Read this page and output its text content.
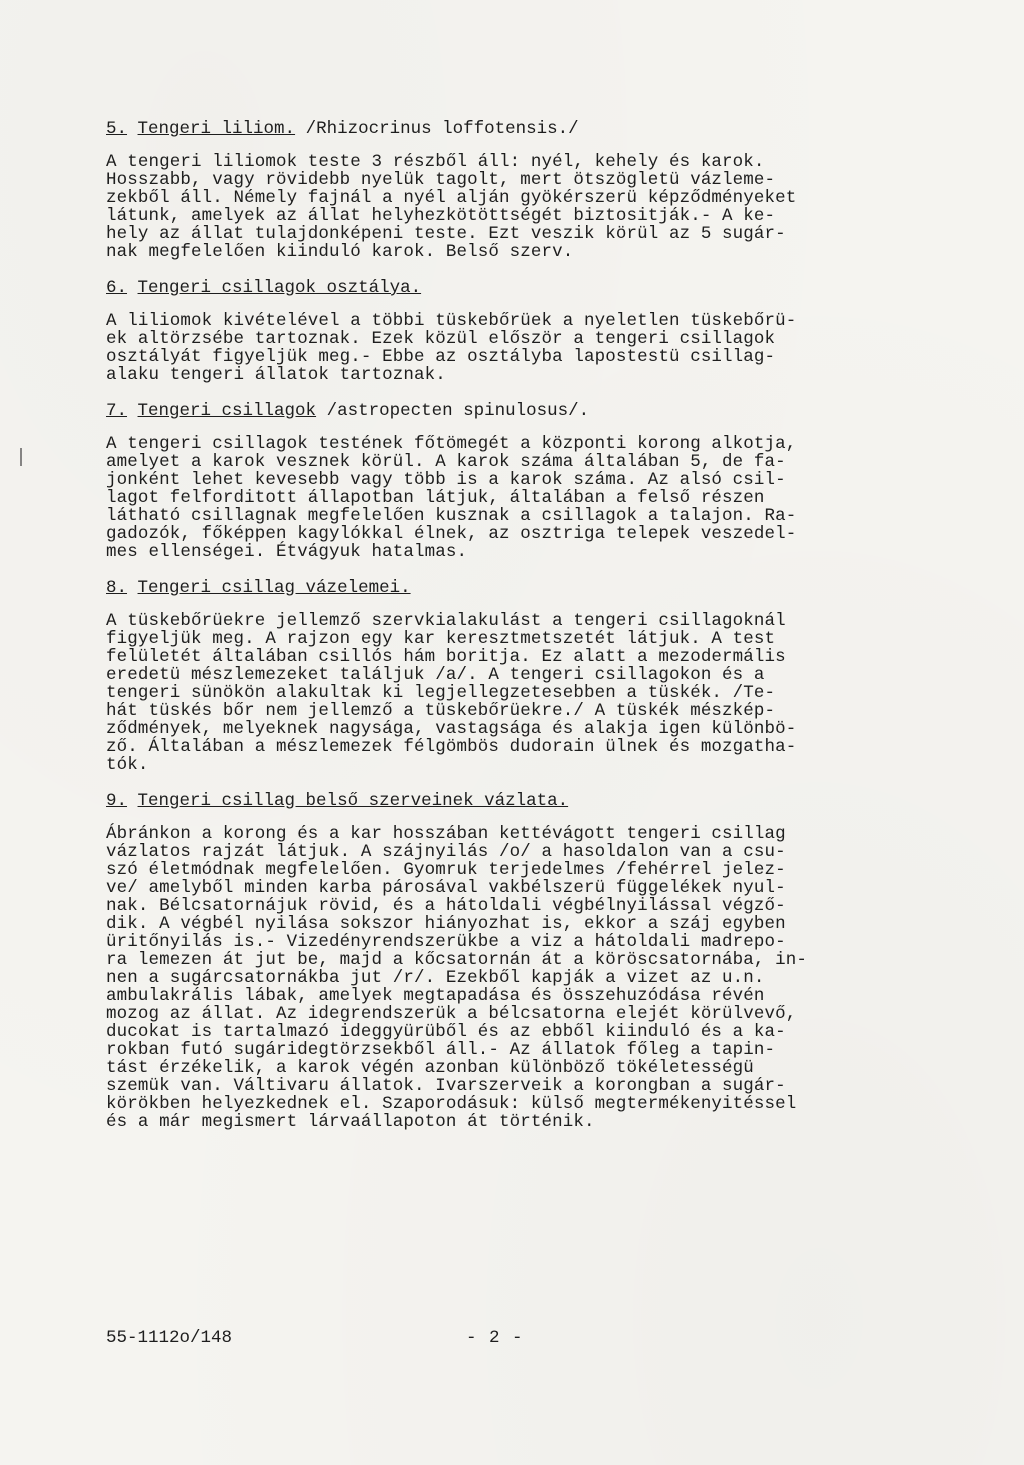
5. Tengeri liliom. /Rhizocrinus loffotensis./
A tengeri liliomok teste 3 részből áll: nyél, kehely és karok.
Hosszabb, vagy rövidebb nyelük tagolt, mert ötszögletü vázleme-
zekből áll. Némely fajnál a nyél alján gyökérszerü képződményeket
látunk, amelyek az állat helyhezkötöttségét biztositják.- A ke-
hely az állat tulajdonképeni teste. Ezt veszik körül az 5 sugár-
nak megfelelően kiinduló karok. Belső szerv.
6. Tengeri csillagok osztálya.
A liliomok kivételével a többi tüskebőrüek a nyeletlen tüskebőrü-
ek altörzsébe tartoznak. Ezek közül először a tengeri csillagok
osztályát figyeljük meg.- Ebbe az osztályba lapostestü csillag-
alaku tengeri állatok tartoznak.
7. Tengeri csillagok /astropecten spinulosus/.
A tengeri csillagok testének főtömegét a központi korong alkotja,
amelyet a karok vesznek körül. A karok száma általában 5, de fa-
jonként lehet kevesebb vagy több is a karok száma. Az alsó csil-
lagot felforditott állapotban látjuk, általában a felső részen
látható csillagnak megfelelően kusznak a csillagok a talajon. Ra-
gadozók, főképpen kagylókkal élnek, az osztriga telepek veszedel-
mes ellenségei. Étvágyuk hatalmas.
8. Tengeri csillag vázelemei.
A tüskebőrüekre jellemző szervkialakulást a tengeri csillagoknál
figyeljük meg. A rajzon egy kar keresztmetszetét látjuk. A test
felületét általában csillós hám boritja. Ez alatt a mezodermális
eredetü mészlemezeket találjuk /a/. A tengeri csillagokon és a
tengeri sünökön alakultak ki legjellegzetesebben a tüskék. /Te-
hát tüskés bőr nem jellemző a tüskebőrüekre./ A tüskék mészkép-
ződmények, melyeknek nagysága, vastagsága és alakja igen különbö-
ző. Általában a mészlemezek félgömbös dudorain ülnek és mozgatha-
tók.
9. Tengeri csillag belső szerveinek vázlata.
Ábránkon a korong és a kar hosszában kettévágott tengeri csillag
vázlatos rajzát látjuk. A szájnyilás /o/ a hasoldalon van a csu-
szó életmódnak megfelelően. Gyomruk terjedelmes /fehérrel jelez-
ve/ amelyből minden karba párosával vakbélszerü függelékek nyul-
nak. Bélcsatornájuk rövid, és a hátoldali végbélnyilással végző-
dik. A végbél nyilása sokszor hiányozhat is, ekkor a száj egyben
üritőnyilás is.- Vizedényrendszerükbe a viz a hátoldali madrepo-
ra lemezen át jut be, majd a kőcsatornán át a köröscsatornába, in-
nen a sugárcsatornákba jut /r/. Ezekből kapják a vizet az u.n.
ambulakrális lábak, amelyek megtapadása és összehuzódása révén
mozog az állat. Az idegrendszerük a bélcsatorna elejét körülvevő,
ducokat is tartalmazó ideggyürüből és az ebből kiinduló és a ka-
rokban futó sugáridegtörzsekből áll.- Az állatok főleg a tapin-
tást érzékelik, a karok végén azonban különböző tökéletességü
szemük van. Váltivaru állatok. Ivarszerveik a korongban a sugár-
körökben helyezkednek el. Szaporodásuk: külső megtermékenyitéssel
és a már megismert lárvaállapoton át történik.
55-1112o/148	- 2 -
